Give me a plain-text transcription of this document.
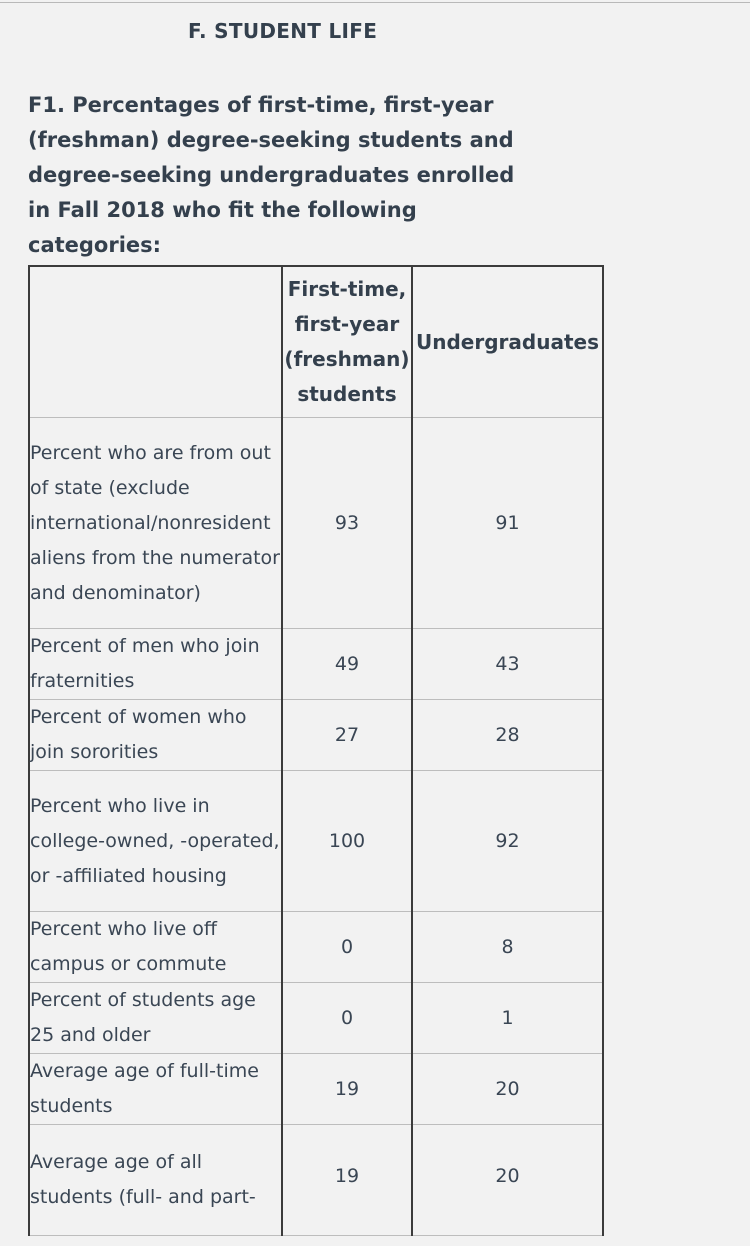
F. STUDENT LIFE
F1. Percentages of first-time, first-year (freshman) degree-seeking students and degree-seeking undergraduates enrolled in Fall 2018 who fit the following categories:
	First-time, first-year (freshman) students	Undergraduates
Percent who are from out of state (exclude international/nonresident aliens from the numerator and denominator)	93	91
Percent of men who join fraternities	49	43
Percent of women who join sororities	27	28
Percent who live in college-owned, -operated, or -affiliated housing	100	92
Percent who live off campus or commute	0	8
Percent of students age 25 and older	0	1
Average age of full-time students	19	20
Average age of all students (full- and part-	19	20
